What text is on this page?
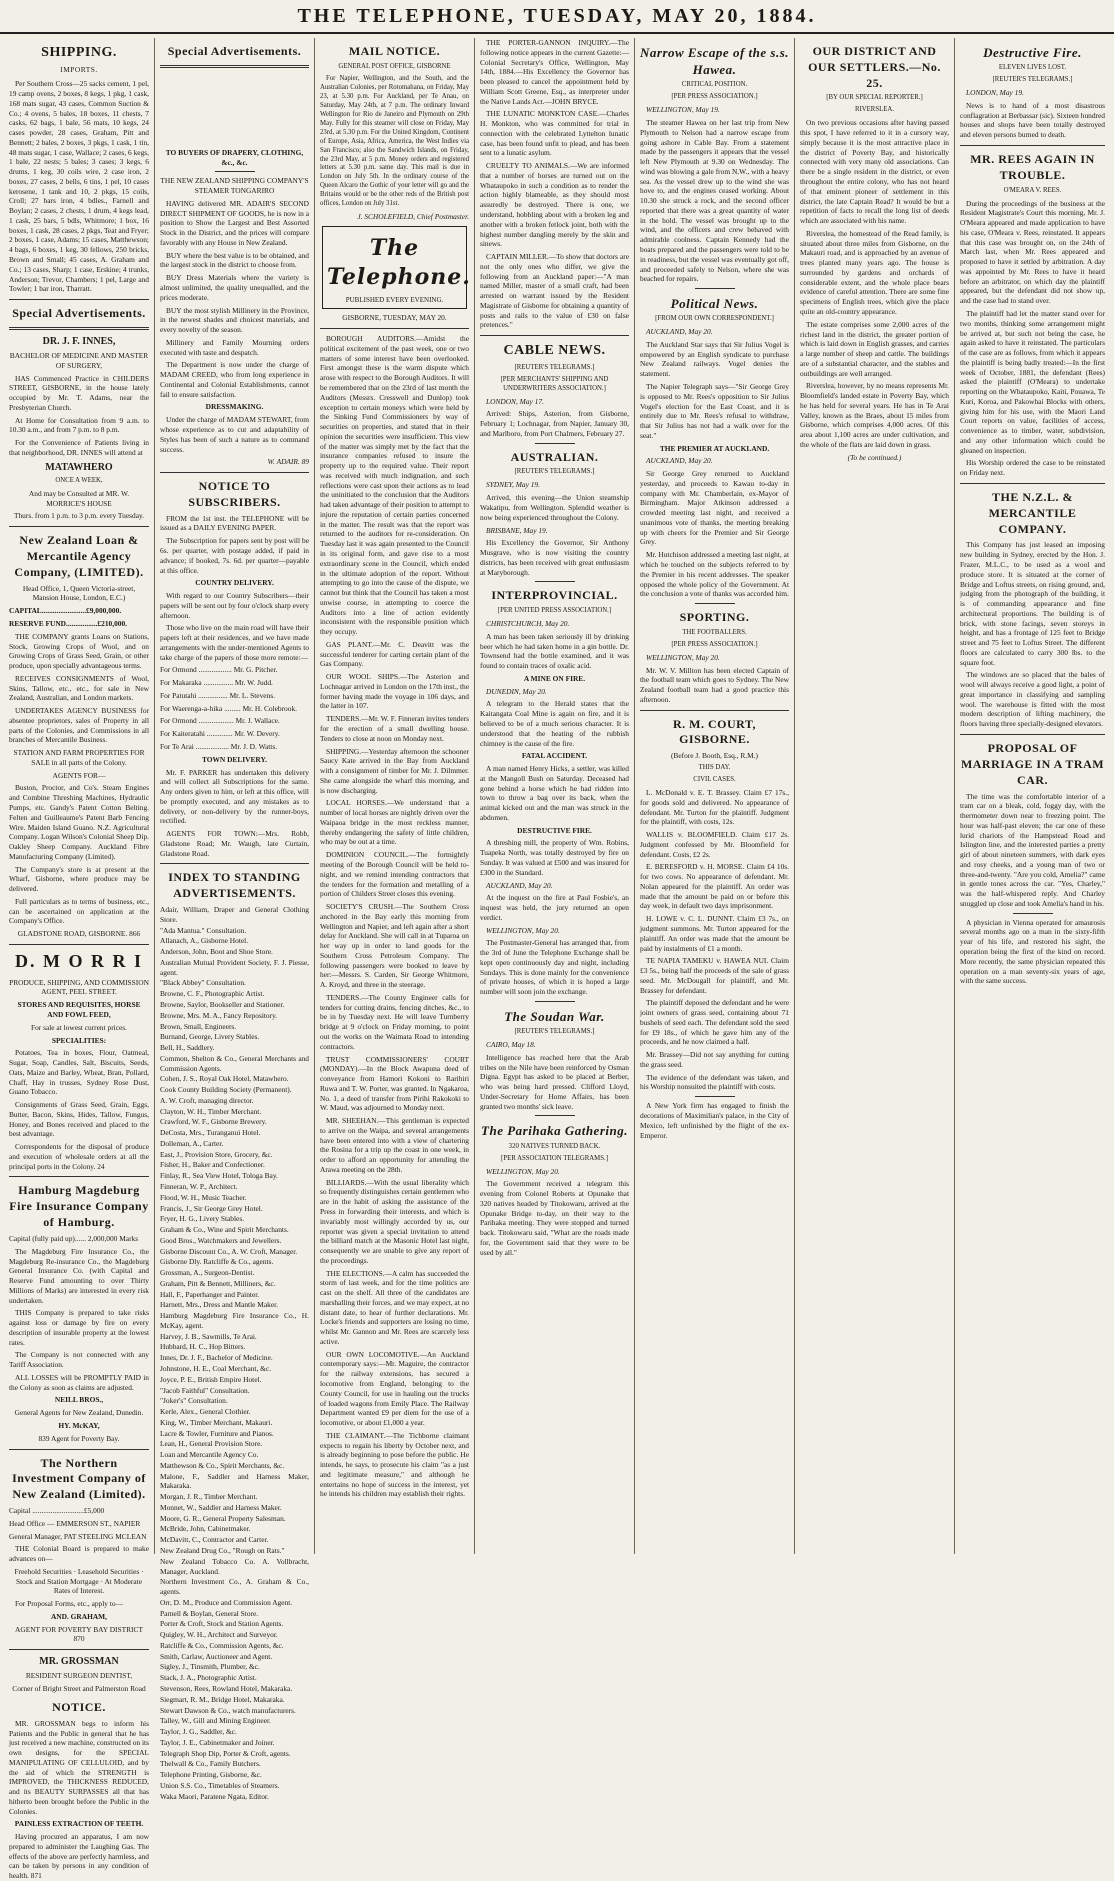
THE TELEPHONE, TUESDAY, MAY 20, 1884.
SHIPPING.
IMPORTS.

Per Southern Cross—25 sacks cement, 1 pel, 19 camp ovens, 2 boxes, 8 kegs, 1 pkg, 1 cask, 168 mats sugar, 43 cases, Common Suction & Co.; 4 ovens, 5 bales, 18 boxes, 11 chests, 7 casks, 62 bags, 1 bale, 56 mats, 10 kegs, 24 cases powder, 28 cases, Graham, Pitt and Bennett; 2 bales, 2 boxes, 3 pkgs, 1 cask, 1 tin, 48 mats sugar, 1 case, Wallace; 2 cases, 6 kegs, 1 bale, 22 nests; 5 bales; 3 cases; 3 kegs, 6 drums, 1 keg, 30 coils wire, 2 case iron, 2 boxes, 27 cases, 2 bells, 6 tins, 1 pel, 10 cases kerosene, 1 tank and 10, 2 pkgs, 15 coils, Croll; 27 bars iron, 4 bdles., Farnell and Boylan; 2 cases, 2 chests, 1 drum, 4 kegs lead, 1 cask, 25 bars, 5 bdls, Whitmore; 1 box, 16 boxes, 1 cask, 28 cases, 2 pkgs, Teat and Fryer; 2 boxes, 1 case, Adams; 15 cases, Matthewson; 4 bags, 6 boxes, 1 keg, 30 fellows, 250 bricks, Brown and Small; 45 cases, A. Graham and Co.; 13 cases, Sharp; 1 case, Erskine; 4 trunks, Anderson; Trevor, Chambers; 1 pel, Large and Towler; 1 bar iron, Tharratt.

Special Advertisements.
DR. J. F. INNES,

BACHELOR OF MEDICINE AND MASTER OF SURGERY,

HAS Commenced Practice in CHILDERS STREET, GISBORNE, in the house lately occupied by Mr. T. Adams, near the Presbyterian Church.

At Home for Consultation from 9 a.m. to 10.30 a.m., and from 7 p.m. to 8 p.m.

For the Convenience of Patients living in that neighborhood, DR. INNES will attend at

MATAWHERO

ONCE A WEEK,

And may be Consulted at MR. W. MORRICE'S HOUSE

Thurs. from 1 p.m. to 3 p.m. every Tuesday.

New Zealand Loan & Mercantile Agency Company, (LIMITED).

Head Office, 1, Queen Victoria-street, Mansion House, London, E.C.)

CAPITAL........................£9,000,000.

RESERVE FUND.................£210,000.

THE COMPANY grants Loans on Stations, Stock, Growing Crops of Wool, and on Growing Crops of Grass Seed, Grain, or other produce, upon specially advantageous terms.

RECEIVES CONSIGNMENTS of Wool, Skins, Tallow, etc., etc., for sale in New Zealand, Australian, and London markets.

UNDERTAKES AGENCY BUSINESS for absentee proprietors, sales of Property in all parts of the Colonies, and Commissions in all branches of Mercantile Business.

STATION AND FARM PROPERTIES FOR SALE in all parts of the Colony.

AGENTS FOR—

Buston, Proctor, and Co's. Steam Engines and Combine Threshing Machines, Hydraulic Pumps, etc. Gandy's Patent Cotton Belting. Felten and Guilleaume's Patent Barb Fencing Wire. Maiden Island Guano. N.Z. Agricultural Company. Logan Wilson's Colonial Sheep Dip. Oakley Sheep Company. Auckland Fibre Manufacturing Company (Limited).

The Company's store is at present at the Wharf, Gisborne, where produce may be delivered.

Full particulars as to terms of business, etc., can be ascertained on application at the Company's Office.

GLADSTONE ROAD, GISBORNE. 866

D. M O R R I

PRODUCE, SHIPPING, AND COMMISSION AGENT, PEEL STREET.

STORES AND REQUISITES, HORSE AND FOWL FEED,

For sale at lowest current prices.

SPECIALITIES:

Potatoes, Tea in boxes, Flour, Oatmeal, Sugar, Soap, Candles, Salt, Biscuits, Seeds, Oats, Maize and Barley, Wheat, Bran, Pollard, Chaff, Hay in trusses, Sydney Rose Dust, Guano Tobacco.

Consignments of Grass Seed, Grain, Eggs, Butter, Bacon, Skins, Hides, Tallow, Fungus, Honey, and Bones received and placed to the best advantage.

Correspondents for the disposal of produce and execution of wholesale orders at all the principal ports in the Colony. 24

Hamburg Magdeburg Fire Insurance Company of Hamburg.

Capital (fully paid up)...... 2,000,000 Marks

The Magdeburg Fire Insurance Co., the Magdeburg Re-insurance Co., the Magdeburg General Insurance Co. (with Capital and Reserve Fund amounting to over Thirty Millions of Marks) are interested in every risk undertaken.

THIS Company is prepared to take risks against loss or damage by fire on every description of insurable property at the lowest rates.

The Company is not connected with any Tariff Association.

ALL LOSSES will be PROMPTLY PAID in the Colony as soon as claims are adjusted.

NEILL BROS.,

General Agents for New Zealand, Dunedin.

HY. McKAY,

839 Agent for Poverty Bay.

The Northern Investment Company of New Zealand (Limited).

Capital ............................£5,000

Head Office — EMMERSON ST., NAPIER

General Manager, PAT STEELING MCLEAN

THE Colonial Board is prepared to make advances on—

Freehold Securities · Leasehold Securities · Stock and Station Mortgage · At Moderate Rates of Interest.

For Proposal Forms, etc., apply to—

AND. GRAHAM,

AGENT FOR POVERTY BAY DISTRICT 870

MR. GROSSMAN

RESIDENT SURGEON DENTIST,

Corner of Bright Street and Palmerston Road

NOTICE.

MR. GROSSMAN begs to inform his Patients and the Public in general that he has just received a new machine, constructed on its own designs, for the SPECIAL MANIPULATING OF CELLULOID, and by the aid of which the STRENGTH is IMPROVED, the THICKNESS REDUCED, and its BEAUTY SURPASSES all that has hitherto been brought before the Public in the Colonies.

PAINLESS EXTRACTION OF TEETH.

Having procured an apparatus, I am now prepared to administer the Laughing Gas. The effects of the above are perfectly harmless, and can be taken by persons in any condition of health. 871

Special Advertisements.

TO BUYERS OF DRAPERY, CLOTHING, &c., &c.

THE NEW ZEALAND SHIPPING COMPANY'S STEAMER TONGARIRO

HAVING delivered MR. ADAIR'S SECOND DIRECT SHIPMENT OF GOODS, he is now in a position to Show the Largest and Best Assorted Stock in the District, and the prices will compare favorably with any House in New Zealand.

BUY where the best value is to be obtained, and the largest stock in the district to choose from.

BUY Dress Materials where the variety is almost unlimited, the quality unequalled, and the prices moderate.

BUY the most stylish Millinery in the Province, in the newest shades and choicest materials, and every novelty of the season.

Millinery and Family Mourning orders executed with taste and despatch.

The Department is now under the charge of MADAM CREED, who from long experience in Continental and Colonial Establishments, cannot fail to ensure satisfaction.

DRESSMAKING.

Under the charge of MADAM STEWART, from whose experience as to cut and adaptability of Styles has been of such a nature as to command success.

W. ADAIR. 89

NOTICE TO SUBSCRIBERS.

FROM the 1st inst. the TELEPHONE will be issued as a DAILY EVENING PAPER.

The Subscription for papers sent by post will be 6s. per quarter, with postage added, if paid in advance; if booked, 7s. 6d. per quarter—payable at this office.

COUNTRY DELIVERY.

With regard to our Country Subscribers—their papers will be sent out by four o'clock sharp every afternoon.

Those who live on the main road will have their papers left at their residences, and we have made arrangements with the under-mentioned Agents to take charge of the papers of those more remote:—

For Ormond .................. Mr. G. Pitcher.

For Makaraka ................ Mr. W. Judd.

For Patutahi ................ Mr. L. Stevens.

For Waerenga-a-hika ......... Mr. H. Colebrook.

For Ormond ................... Mr. J. Wallace.

For Kaiteratahi .............. Mr. W. Devery.

For Te Arai .................. Mr. J. D. Watts.

TOWN DELIVERY.

Mr. F. PARKER has undertaken this delivery and will collect all Subscriptions for the same. Any orders given to him, or left at this office, will be promptly executed, and any mistakes as to delivery, or non-delivery by the runner-boys, rectified.

AGENTS FOR TOWN:—Mrs. Robb, Gladstone Road; Mr. Waugh, late Curtain, Gladstone Road.

INDEX TO STANDING ADVERTISEMENTS.

Adair, William, Draper and General Clothing Store.

"Ada Mantua." Consultation.

Allanach, A., Gisborne Hotel.

Anderson, John, Boot and Shoe Store.

Australian Mutual Provident Society, F. J. Piesse, agent.

"Black Abbey" Consultation.

Browne, C. F., Photographic Artist.

Browne, Saylor, Bookseller and Stationer.

Browne, Mrs. M. A., Fancy Repository.

Brown, Small, Engineers.

Burnand, George, Livery Stables.

Bell, H., Saddlery.

Common, Shelton & Co., General Merchants and Commission Agents.

Cohen, J. S., Royal Oak Hotel, Matawhero.

Cook County Building Society (Permanent).

A. W. Croft, managing director.

Clayton, W. H., Timber Merchant.

Crawford, W. F., Gisborne Brewery.

DeCosta, Mrs., Turanganui Hotel.

Dolleman, A., Carter.

East, J., Provision Store, Grocery, &c.

Fisher, H., Baker and Confectioner.

Finlay, R., Sea View Hotel, Tologa Bay.

Finneran, W. P., Architect.

Flood, W. H., Music Teacher.

Francis, J., Sir George Grey Hotel.

Fryer, H. G., Livery Stables.

Graham & Co., Wine and Spirit Merchants.

Good Bros., Watchmakers and Jewellers.

Gisborne Discount Co., A. W. Croft, Manager.

Gisborne Dly. Ratcliffe & Co., agents.

Grossman, A., Surgeon-Dentist.

Graham, Pitt & Bennett, Milliners, &c.

Hall, F., Paperhanger and Painter.

Harnett, Mrs., Dress and Mantle Maker.

Hamburg Magdeburg Fire Insurance Co., H. McKay, agent.

Harvey, J. B., Sawmills, Te Arai.

Hubbard, H. C., Hop Bitters.

Innes, Dr. J. F., Bachelor of Medicine.

Johnstone, H. E., Coal Merchant, &c.

Joyce, P. E., British Empire Hotel.

"Jacob Faithful" Consultation.

"Joker's" Consultation.

Kerle, Alex., General Clothier.

King, W., Timber Merchant, Makauri.

Lacre & Towler, Furniture and Pianos.

Lean, H., General Provision Store.

Loan and Mercantile Agency Co.

Matthewson & Co., Spirit Merchants, &c.

Malone, F., Saddler and Harness Maker, Makaraka.

Morgan, J. R., Timber Merchant.

Monnet, W., Saddler and Harness Maker.

Moore, G. R., General Property Salesman.

McBride, John, Cabinetmaker.

McDavitt, C., Contractor and Carter.

New Zealand Drug Co., "Rough on Rats."

New Zealand Tobacco Co. A. Vollbracht, Manager, Auckland.

Northern Investment Co., A. Graham & Co., agents.

Orr, D. M., Produce and Commission Agent.

Parnell & Boylan, General Store.

Porter & Croft, Stock and Station Agents.

Quigley, W. H., Architect and Surveyor.

Ratcliffe & Co., Commission Agents, &c.

Smith, Carlaw, Auctioneer and Agent.

Sigley, J., Tinsmith, Plumber, &c.

Stack, J. A., Photographic Artist.

Stevenson, Rees, Rowland Hotel, Makaraka.

Siegmart, R. M., Bridge Hotel, Makaraka.

Stewart Dawson & Co., watch manufacturers.

Talley, W., Gill and Mining Engineer.

Taylor, J. G., Saddler, &c.

Taylor, J. E., Cabinetmaker and Joiner.

Telegraph Shop Dip, Porter & Croft, agents.

Thelwall & Co., Family Butchers.

Telephone Printing, Gisborne, &c.

Union S.S. Co., Timetables of Steamers.

Waka Maori, Paratene Ngata, Editor.

MAIL NOTICE.

GENERAL POST OFFICE, GISBORNE

For Napier, Wellington, and the South, and the Australian Colonies, per Rotomahana, on Friday, May 23, at 5.30 p.m. For Auckland, per Te Anau, on Saturday, May 24th, at 7 p.m. The ordinary Inward Wellington for Rio de Janeiro and Plymouth on 29th May. Fully for this steamer will close on Friday, May 23rd, at 5.30 p.m. For the United Kingdom, Continent of Europe, Asia, Africa, America, the West Indies via San Francisco; also the Sandwich Islands, on Friday, the 23rd May, at 5 p.m. Money orders and registered letters at 5.30 p.m. same day. This mail is due in London on July 5th. In the ordinary course of the Queen Alcaro the Gothic of your letter will go and the Britains would or be the other reds of the British post offices, London on July 31st.

J. SCHOLEFIELD, Chief Postmaster.

The Telephone.
PUBLISHED EVERY EVENING.

GISBORNE, TUESDAY, MAY 20.

BOROUGH AUDITORS.—Amidst the political excitement of the past week, one or two matters of some interest have been overlooked. First amongst these is the warm dispute which arose with respect to the Borough Auditors. It will be remembered that on the 23rd of last month the Auditors (Messrs. Cresswell and Dunlop) took exception to certain moneys which were held by the Sinking Fund Commissioners by way of securities on properties, and stated that in their opinion the securities were insufficient. This view of the matter was simply met by the fact that the insurance companies refused to insure the property up to the required value. Their report was received with much indignation, and such reflections were cast upon their actions as to lead the uninitiated to the conclusion that the Auditors had taken advantage of their position to attempt to injure the reputation of certain parties concerned in the matter. The result was that the report was returned to the auditors for re-consideration. On Tuesday last it was again presented to the Council in its original form, and gave rise to a most extraordinary scene in the Council, which ended in the ultimate adoption of the report. Without attempting to go into the cause of the dispute, we cannot but think that the Council has taken a most unwise course, in attempting to coerce the Auditors into a line of action evidently inconsistent with the responsible position which they occupy.

GAS PLANT.—Mr. C. Deavitt was the successful tenderer for carting certain plant of the Gas Company.

OUR WOOL SHIPS.—The Asterion and Lochnagar arrived in London on the 17th inst., the former having made the voyage in 106 days, and the latter in 107.

TENDERS.—Mr. W. F. Finneran invites tenders for the erection of a small dwelling house. Tenders to close at noon on Monday next.

SHIPPING.—Yesterday afternoon the schooner Saucy Kate arrived in the Bay from Auckland with a consignment of timber for Mr. J. Dilmmer. She came alongside the wharf this morning, and is now discharging.

LOCAL HORSES.—We understand that a number of local horses are nightly driven over the Waipaoa bridge in the most reckless manner, thereby endangering the safety of little children, who may be out at a time.

DOMINION COUNCIL.—The fortnightly meeting of the Borough Council will be held to-night, and we remind intending contractors that the tenders for the formation and metalling of a portion of Childers Street closes this evening.

SOCIETY'S CRUSH.—The Southern Cross anchored in the Bay early this morning from Wellington and Napier, and left again after a short delay for Auckland. She will call in at Tuparoa on her way up in order to land goods for the Southern Cross Petroleum Company. The following passengers were booked to leave by her:—Messrs. S. Carden, Sir George Whitmore, A. Kroyd, and three in the steerage.

TENDERS.—The County Engineer calls for tenders for cutting drains, fencing ditches, &c., to be in by Tuesday next. He will leave Turnberry bridge at 9 o'clock on Friday morning, to point out the works on the Waimata Road to intending contractors.

TRUST COMMISSIONERS' COURT (MONDAY).—In the Block Awapuna deed of conveyance from Hamori Kokoni to Rarihiri Ruwa and T. W. Porter, was granted. In Ngakaroa, No. 1, a deed of transfer from Pirihi Rakokoki to W. Maud, was adjourned to Monday next.

MR. SHEEHAN.—This gentleman is expected to arrive on the Waipa, and several arrangements have been entered into with a view of chartering the Rosina for a trip up the coast in one week, in order to afford an opportunity for attending the Arawa meeting on the 28th.

BILLIARDS.—With the usual liberality which so frequently distinguishes certain gentlemen who are in the habit of asking the assistance of the Press in forwarding their interests, and which is invariably most willingly accorded by us, our reporter was given a special invitation to attend the billiard match at the Masonic Hotel last night, consequently we are unable to give any report of the proceedings.

THE ELECTIONS.—A calm has succeeded the storm of last week, and for the time politics are cast on the shelf. All three of the candidates are marshalling their forces, and we may expect, at no distant date, to hear of further declarations. Mr. Locke's friends and supporters are losing no time, whilst Mr. Gannon and Mr. Rees are scarcely less active.

OUR OWN LOCOMOTIVE.—An Auckland contemporary says:—Mr. Maguire, the contractor for the railway extensions, has secured a locomotive from England, belonging to the County Council, for use in hauling out the trucks of loaded wagons from Emily Place. The Railway Department wanted £9 per diem for the use of a locomotive, or about £1,000 a year.

THE CLAIMANT.—The Tichborne claimant expects to regain his liberty by October next, and is already beginning to pose before the public. He intends, he says, to prosecute his claim "as a just and legitimate measure," and although he entertains no hope of success in the interest, yet he intends his children may establish their rights.

THE PORTER-GANNON INQUIRY.—The following notice appears in the current Gazette:—Colonial Secretary's Office, Wellington, May 14th, 1884.—His Excellency the Governor has been pleased to cancel the appointment held by William Scott Greene, Esq., as interpreter under the Native Lands Act.—JOHN BRYCE.

THE LUNATIC MONKTON CASE.—Charles H. Monkton, who was committed for trial in connection with the celebrated Lyttelton lunatic case, has been found unfit to plead, and has been sent to a lunatic asylum.

CRUELTY TO ANIMALS.—We are informed that a number of horses are turned out on the Whataupoko in such a condition as to render the action highly blameable, as they should most assuredly be destroyed. There is one, we understand, hobbling about with a broken leg and another with a broken fetlock joint, both with the highest number dangling merely by the skin and sinews.

CAPTAIN MILLER.—To show that doctors are not the only ones who differ, we give the following from an Auckland paper:—"A man named Miller, master of a small craft, had been arrested on warrant issued by the Resident Magistrate of Gisborne for obtaining a quantity of posts and rails to the value of £30 on false pretences."

CABLE NEWS.

[REUTER'S TELEGRAMS.]

[PER MERCHANTS' SHIPPING AND UNDERWRITERS ASSOCIATION.]

LONDON, May 17.

Arrived: Ships, Asterion, from Gisborne, February 1; Lochnagar, from Napier, January 30, and Marlboro, from Port Chalmers, February 27.

AUSTRALIAN.

[REUTER'S TELEGRAMS.]

SYDNEY, May 19.

Arrived, this evening—the Union steamship Wakatipu, from Wellington. Splendid weather is now being experienced throughout the Colony.

BRISBANE, May 19.

His Excellency the Governor, Sir Anthony Musgrave, who is now visiting the country districts, has been received with great enthusiasm at Maryborough.

INTERPROVINCIAL.

[PER UNITED PRESS ASSOCIATION.]

CHRISTCHURCH, May 20.

A man has been taken seriously ill by drinking beer which he had taken home in a gin bottle. Dr. Townsend had the bottle examined, and it was found to contain traces of oxalic acid.

A MINE ON FIRE.

DUNEDIN, May 20.

A telegram to the Herald states that the Kaitangata Coal Mine is again on fire, and it is believed to be of a much serious character. It is understood that the heating of the rubbish chimney is the cause of the fire.

FATAL ACCIDENT.

A man named Henry Hicks, a settler, was killed at the Mangoll Bush on Saturday. Deceased had gone behind a horse which he had ridden into town to throw a bag over its back, when the animal kicked out and the man was struck in the abdomen.

DESTRUCTIVE FIRE.

A threshing mill, the property of Wm. Robins, Tuapeka North, was totally destroyed by fire on Sunday. It was valued at £500 and was insured for £300 in the Standard.

AUCKLAND, May 20.

At the inquest on the fire at Paul Fosbie's, an inquest was held, the jury returned an open verdict.

WELLINGTON, May 20.

The Postmaster-General has arranged that, from the 3rd of June the Telephone Exchange shall be kept open continuously day and night, including Sundays. This is done mainly for the convenience of private houses, of which it is hoped a large number will soon join the exchange.

The Soudan War.

[REUTER'S TELEGRAMS.]

CAIRO, May 18.

Intelligence has reached here that the Arab tribes on the Nile have been reinforced by Osman Digna. Egypt has asked to be placed at Berber, who was being hard pressed. Clifford Lloyd, Under-Secretary for Home Affairs, has been granted two months' sick leave.

The Parihaka Gathering.

320 NATIVES TURNED BACK.

[PER ASSOCIATION TELEGRAMS.]

WELLINGTON, May 20.

The Government received a telegram this evening from Colonel Roberts at Opunake that 320 natives headed by Titokowaru, arrived at the Opunake Bridge to-day, on their way to the Parihaka meeting. They were stopped and turned back. Titokowaru said, "What are the roads made for, the Government said that they were to be used by all."

Narrow Escape of the s.s. Hawea.

CRITICAL POSITION.

[PER PRESS ASSOCIATION.]

WELLINGTON, May 19.

The steamer Hawea on her last trip from New Plymouth to Nelson had a narrow escape from going ashore in Cable Bay. From a statement made by the passengers it appears that the vessel left New Plymouth at 9.30 on Wednesday. The wind was blowing a gale from N.W., with a heavy sea. As the vessel drew up to the wind she was hove to, and the engines ceased working. About 10.30 she struck a rock, and the second officer reported that there was a great quantity of water in the hold. The vessel was brought up to the wind, and the officers and crew behaved with admirable coolness. Captain Kennedy had the boats prepared and the passengers were told to be in readiness, but the vessel was eventually got off, and proceeded safely to Nelson, where she was beached for repairs.

Political News.

[FROM OUR OWN CORRESPONDENT.]

AUCKLAND, May 20.

The Auckland Star says that Sir Julius Vogel is empowered by an English syndicate to purchase New Zealand railways. Vogel denies the statement.

The Napier Telegraph says—"Sir George Grey is opposed to Mr. Rees's opposition to Sir Julius Vogel's election for the East Coast, and it is entirely due to Mr. Rees's refusal to withdraw, that Sir Julius has not had a walk over for the seat."

THE PREMIER AT AUCKLAND.

AUCKLAND, May 20.

Sir George Grey returned to Auckland yesterday, and proceeds to Kawau to-day in company with Mr. Chamberlain, ex-Mayor of Birmingham. Major Atkinson addressed a crowded meeting last night, and received a unanimous vote of thanks, the meeting breaking up with cheers for the Premier and Sir George Grey.

Mr. Hutchison addressed a meeting last night, at which he touched on the subjects referred to by the Premier in his recent addresses. The speaker opposed the whole policy of the Government. At the conclusion a vote of thanks was accorded him.

SPORTING.

THE FOOTBALLERS.

[PER PRESS ASSOCIATION.]

WELLINGTON, May 20.

Mr. W. V. Millton has been elected Captain of the football team which goes to Sydney. The New Zealand football team had a good practice this afternoon.

R. M. COURT, GISBORNE.

(Before J. Booth, Esq., R.M.)

THIS DAY.

CIVIL CASES.

L. McDonald v. E. T. Brassey. Claim £7 17s., for goods sold and delivered. No appearance of defendant. Mr. Turton for the plaintiff. Judgment for the plaintiff, with costs, 12s.

WALLIS v. BLOOMFIELD. Claim £17 2s. Judgment confessed by Mr. Bloomfield for defendant. Costs, £2 2s.

E. BERESFORD v. H. MORSE. Claim £4 10s. for two cows. No appearance of defendant. Mr. Nolan appeared for the plaintiff. An order was made that the amount be paid on or before this day week, in default two days imprisonment.

H. LOWE v. C. L. DUNNT. Claim £3 7s., on judgment summons. Mr. Turton appeared for the plaintiff. An order was made that the amount be paid by instalments of £1 a month.

TE NAPIA TAMEKU v. HAWEA NUI. Claim £3 5s., being half the proceeds of the sale of grass seed. Mr. McDougall for plaintiff, and Mr. Brassey for defendant.

The plaintiff deposed the defendant and he were joint owners of grass seed, containing about 71 bushels of seed each. The defendant sold the seed for £9 18s., of which he gave him any of the proceeds, and he now claimed a half.

Mr. Brassey—Did not say anything for cutting the grass seed.

The evidence of the defendant was taken, and his Worship nonsuited the plaintiff with costs.

A New York firm has engaged to finish the decorations of Maximilian's palace, in the City of Mexico, left unfinished by the flight of the ex-Emperor.

OUR DISTRICT AND OUR SETTLERS.—No. 25.

[BY OUR SPECIAL REPORTER.]

RIVERSLEA.

On two previous occasions after having passed this spot, I have referred to it in a cursory way, simply because it is the most attractive place in the district of Poverty Bay, and historically connected with very many old associations. Can there be a single resident in the district, or even throughout the entire colony, who has not heard of that eminent pioneer of settlement in this district, the late Captain Read? It would be but a repetition of facts to recall the long list of deeds which are associated with his name.

Riverslea, the homestead of the Read family, is situated about three miles from Gisborne, on the Makauri road, and is approached by an avenue of trees planted many years ago. The house is surrounded by gardens and orchards of considerable extent, and the whole place bears evidence of careful attention. There are some fine specimens of English trees, which give the place quite an old-country appearance.

The estate comprises some 2,000 acres of the richest land in the district, the greater portion of which is laid down in English grasses, and carries a large number of sheep and cattle. The buildings are of a substantial character, and the stables and outbuildings are well arranged.

Riverslea, however, by no means represents Mr. Bloomfield's landed estate in Poverty Bay, which he has held for several years. He has in Te Arai Valley, known as the Braes, about 15 miles from Gisborne, which comprises 4,000 acres. Of this area about 1,100 acres are under cultivation, and the whole of the flats are laid down in grass.

(To be continued.)

Destructive Fire.

ELEVEN LIVES LOST.

[REUTER'S TELEGRAMS.]

LONDON, May 19.

News is to hand of a most disastrous conflagration at Berbassar (sic). Sixteen hundred houses and shops have been totally destroyed and eleven persons burned to death.

MR. REES AGAIN IN TROUBLE.

O'MEARA V. REES.

During the proceedings of the business at the Resident Magistrate's Court this morning, Mr. J. O'Meara appeared and made application to have his case, O'Meara v. Rees, reinstated. It appears that this case was brought on, on the 24th of March last, when Mr. Rees appeared and proposed to have it settled by arbitration. A day was appointed by Mr. Rees to have it heard before an arbitrator, on which day the plaintiff appeared, but the defendant did not show up, and the case had to stand over.

The plaintiff had let the matter stand over for two months, thinking some arrangement might be arrived at, but such not being the case, he again asked to have it reinstated. The particulars of the case are as follows, from which it appears the plaintiff is being badly treated:—In the first week of October, 1881, the defendant (Rees) asked the plaintiff (O'Meara) to undertake reporting on the Whataupoko, Kaiti, Pouawa, Te Kuri, Koroa, and Pakowhai Blocks with others, giving him for his use, with the Maori Land Court reports on value, facilities of access, convenience as to timber, water, subdivision, and any other information which could be gleaned on inspection.

His Worship ordered the case to be reinstated on Friday next.

THE N.Z.L. & MERCANTILE COMPANY.

This Company has just leased an imposing new building in Sydney, erected by the Hon. J. Frazer, M.L.C., to be used as a wool and produce store. It is situated at the corner of Bridge and Loftus streets, on rising ground, and, judging from the photograph of the building, it is of commanding appearance and fine architectural proportions. The building is of brick, with stone facings, seven storeys in height, and has a frontage of 125 feet to Bridge street and 75 feet to Loftus Street. The different floors are calculated to carry 300 lbs. to the square foot.

The windows are so placed that the bales of wool will always receive a good light, a point of great importance in classifying and sampling wool. The warehouse is fitted with the most modern description of lifting machinery, the floors having three specially-designed elevators.

PROPOSAL OF MARRIAGE IN A TRAM CAR.

The time was the comfortable interior of a tram car on a bleak, cold, foggy day, with the thermometer down near to freezing point. The hour was half-past eleven; the car one of these lurid chariots of the Hampstead Road and Islington line, and the interested parties a pretty girl of about nineteen summers, with dark eyes and rosy cheeks, and a young man of two or three-and-twenty. "Are you cold, Amelia?" came in gentle tones across the car. "Yes, Charley," was the half-whispered reply. And Charley snuggled up close and took Amelia's hand in his.

A physician in Vienna operated for amaurosis several months ago on a man in the sixty-fifth year of his life, and restored his sight, the operation being the first of the kind on record. More recently, the same physician repeated this operation on a man seventy-six years of age, with the same success.
